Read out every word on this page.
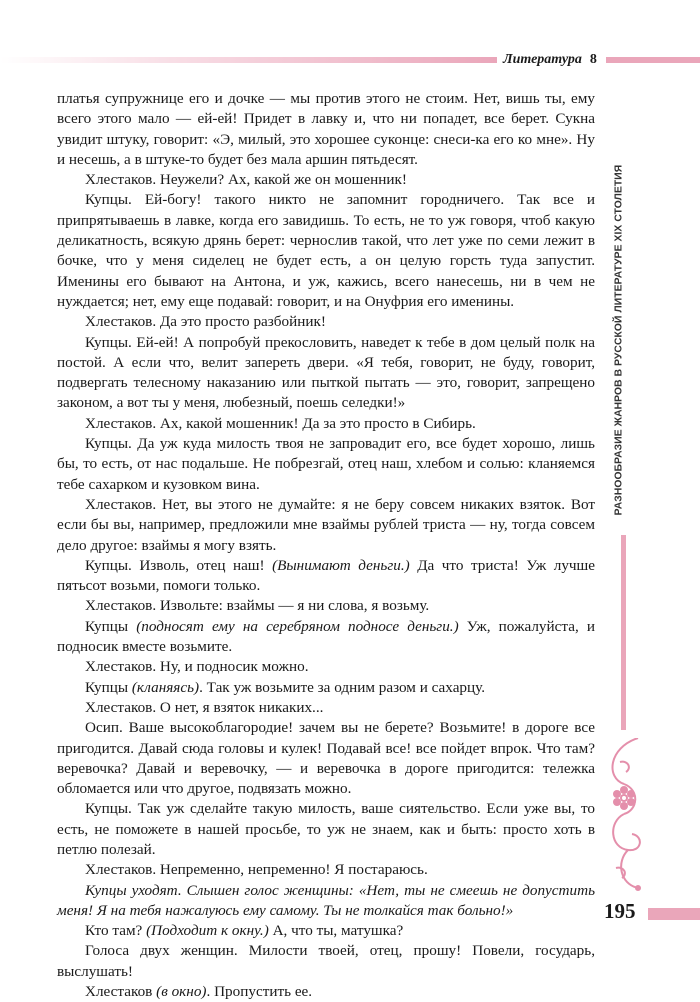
Литература 8
РАЗНООБРАЗИЕ ЖАНРОВ В РУССКОЙ ЛИТЕРАТУРЕ XIX СТОЛЕТИЯ
195

платья супружнице его и дочке — мы против этого не стоим. Нет, вишь ты, ему всего этого мало — ей-ей! Придет в лавку и, что ни попадет, все берет. Сукна увидит штуку, говорит: «Э, милый, это хорошее суконце: снеси-ка его ко мне». Ну и несешь, а в штуке-то будет без мала аршин пятьдесят.

Хлестаков. Неужели? Ах, какой же он мошенник!

Купцы. Ей-богу! такого никто не запомнит городничего. Так все и припрятываешь в лавке, когда его завидишь. То есть, не то уж говоря, чтоб какую деликатность, всякую дрянь берет: чернослив такой, что лет уже по семи лежит в бочке, что у меня сиделец не будет есть, а он целую горсть туда запустит. Именины его бывают на Антона, и уж, кажись, всего нанесешь, ни в чем не нуждается; нет, ему еще подавай: говорит, и на Онуфрия его именины.

Хлестаков. Да это просто разбойник!

Купцы. Ей-ей! А попробуй прекословить, наведет к тебе в дом целый полк на постой. А если что, велит запереть двери. «Я тебя, говорит, не буду, говорит, подвергать телесному наказанию или пыткой пытать — это, говорит, запрещено законом, а вот ты у меня, любезный, поешь селедки!»

Хлестаков. Ах, какой мошенник! Да за это просто в Сибирь.

Купцы. Да уж куда милость твоя не запровадит его, все будет хорошо, лишь бы, то есть, от нас подальше. Не побрезгай, отец наш, хлебом и солью: кланяемся тебе сахарком и кузовком вина.

Хлестаков. Нет, вы этого не думайте: я не беру совсем никаких взяток. Вот если бы вы, например, предложили мне взаймы рублей триста — ну, тогда совсем дело другое: взаймы я могу взять.

Купцы. Изволь, отец наш! (Вынимают деньги.) Да что триста! Уж лучше пятьсот возьми, помоги только.

Хлестаков. Извольте: взаймы — я ни слова, я возьму.

Купцы (подносят ему на серебряном подносе деньги.) Уж, пожалуйста, и подносик вместе возьмите.

Хлестаков. Ну, и подносик можно.

Купцы (кланяясь). Так уж возьмите за одним разом и сахарцу.

Хлестаков. О нет, я взяток никаких...

Осип. Ваше высокоблагородие! зачем вы не берете? Возьмите! в дороге все пригодится. Давай сюда головы и кулек! Подавай все! все пойдет впрок. Что там? веревочка? Давай и веревочку, — и веревочка в дороге пригодится: тележка обломается или что другое, подвязать можно.

Купцы. Так уж сделайте такую милость, ваше сиятельство. Если уже вы, то есть, не поможете в нашей просьбе, то уж не знаем, как и быть: просто хоть в петлю полезай.

Хлестаков. Непременно, непременно! Я постараюсь.

Купцы уходят. Слышен голос женщины: «Нет, ты не смеешь не допустить меня! Я на тебя нажалуюсь ему самому. Ты не толкайся так больно!»

Кто там? (Подходит к окну.) А, что ты, матушка?

Голоса двух женщин. Милости твоей, отец, прошу! Повели, государь, выслушать!

Хлестаков (в окно). Пропустить ее.
